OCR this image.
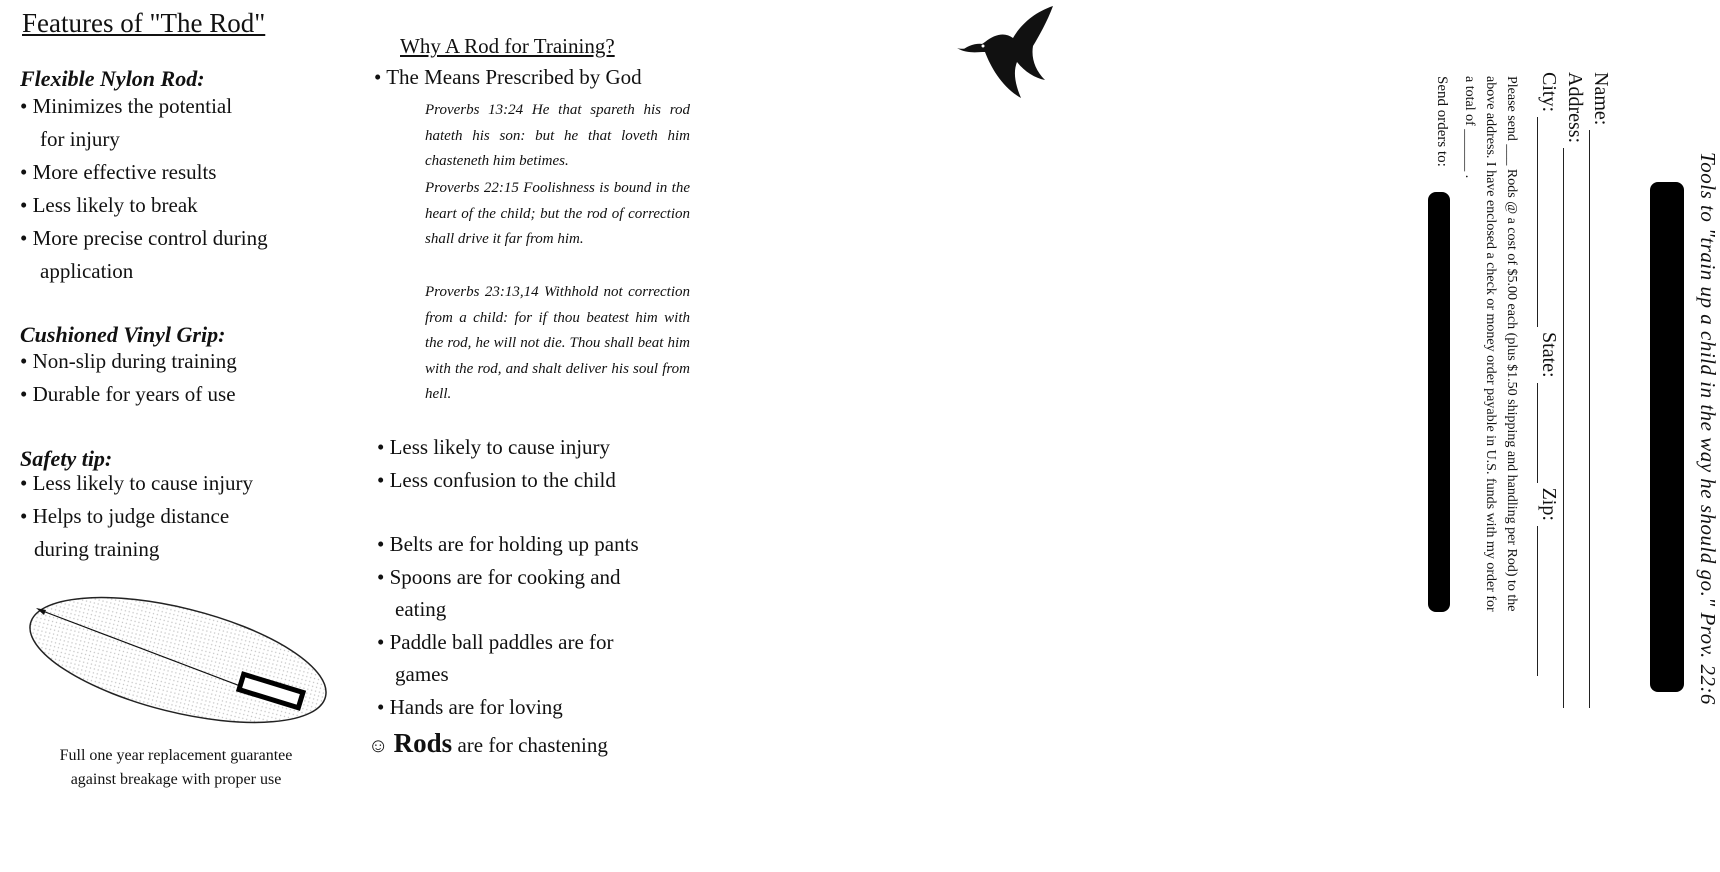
Features of "The Rod"
Flexible Nylon Rod:
• Minimizes the potential
for injury
• More effective results
• Less likely to break
• More precise control during
application
Cushioned Vinyl Grip:
• Non-slip during training
• Durable for years of use
Safety tip:
• Less likely to cause injury
• Helps to judge distance
during training
Full one year replacement guarantee
against breakage with proper use
Why A Rod for Training?
• The Means Prescribed by God

Proverbs 13:24 He that spareth his rod hateth his son: but he that loveth him chasteneth him betimes.

Proverbs 22:15 Foolishness is bound in the heart of the child; but the rod of correction shall drive it far from him.

Proverbs 23:13,14 Withhold not correction from a child: for if thou beatest him with the rod, he will not die. Thou shall beat him with the rod, and shalt deliver his soul from hell.

• Less likely to cause injury
• Less confusion to the child
• Belts are for holding up pants
• Spoons are for cooking and
eating
• Paddle ball paddles are for
games
• Hands are for loving
☺ Rods are for chastening
Tools to "train up a child in the way he should go." Prov. 22:6
Name:
Address:
City:  State:  Zip:
Please send ___ Rods @ a cost of $5.00 each (plus $1.50 shipping and handling per Rod) to the
above address. I have enclosed a check or money order payable in U.S. funds with my order for
a total of ______ .
Send orders to:
